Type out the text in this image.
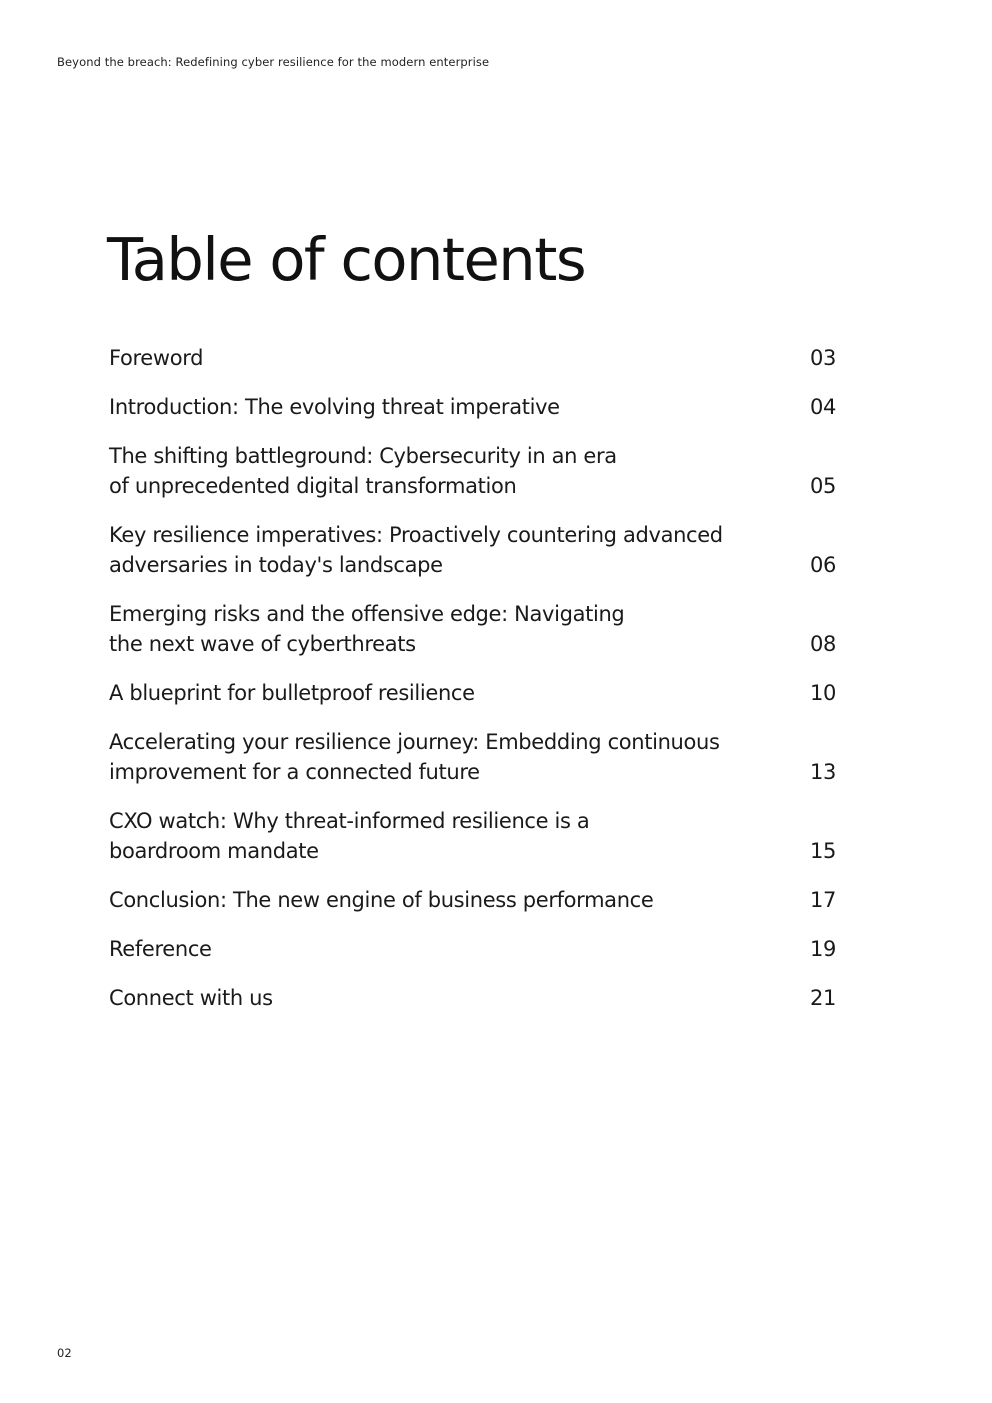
Beyond the breach: Redefining cyber resilience for the modern enterprise
Table of contents
Foreword	03
Introduction: The evolving threat imperative	04
The shifting battleground: Cybersecurity in an era
of unprecedented digital transformation	05
Key resilience imperatives: Proactively countering advanced
adversaries in today's landscape	06
Emerging risks and the offensive edge: Navigating
the next wave of cyberthreats	08
A blueprint for bulletproof resilience	10
Accelerating your resilience journey: Embedding continuous
improvement for a connected future	13
CXO watch: Why threat-informed resilience is a
boardroom mandate	15
Conclusion: The new engine of business performance	17
Reference	19
Connect with us	21
02
